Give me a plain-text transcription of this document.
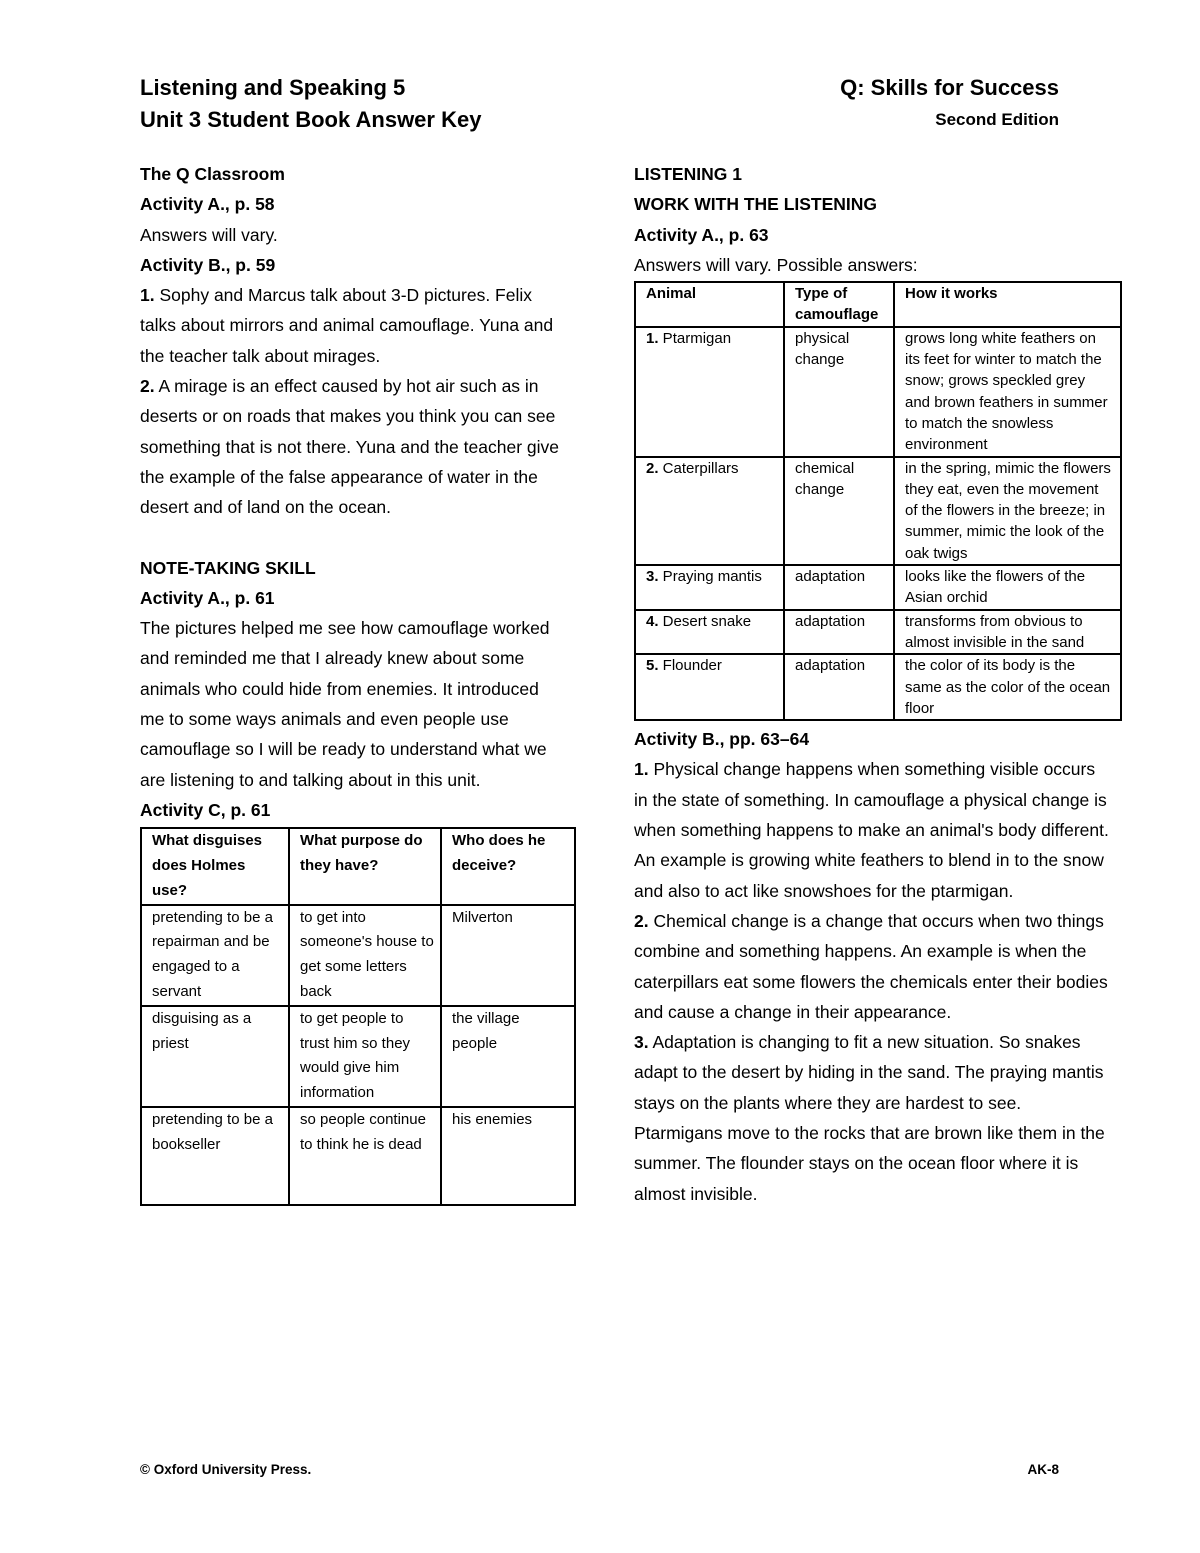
Listening and Speaking 5
Unit 3 Student Book Answer Key
Q: Skills for Success
Second Edition

The Q Classroom

Activity A., p. 58

Answers will vary.

Activity B., p. 59

1. Sophy and Marcus talk about 3-D pictures. Felix talks about mirrors and animal camouflage. Yuna and the teacher talk about mirages.

2. A mirage is an effect caused by hot air such as in deserts or on roads that makes you think you can see something that is not there. Yuna and the teacher give the example of the false appearance of water in the desert and of land on the ocean.

NOTE-TAKING SKILL

Activity A., p. 61

The pictures helped me see how camouflage worked and reminded me that I already knew about some animals who could hide from enemies. It introduced me to some ways animals and even people use camouflage so I will be ready to understand what we are listening to and talking about in this unit.

Activity C, p. 61

What disguises does Holmes use?	What purpose do they have?	Who does he deceive?
pretending to be a repairman and be engaged to a servant	to get into someone's house to get some letters back	Milverton
disguising as a priest	to get people to trust him so they would give him information	the village people
pretending to be a bookseller	so people continue to think he is dead	his enemies

LISTENING 1

WORK WITH THE LISTENING

Activity A., p. 63

Answers will vary. Possible answers:

Animal	Type of camouflage	How it works
1. Ptarmigan	physical change	grows long white feathers on its feet for winter to match the snow; grows speckled grey and brown feathers in summer to match the snowless environment
2. Caterpillars	chemical change	in the spring, mimic the flowers they eat, even the movement of the flowers in the breeze; in summer, mimic the look of the oak twigs
3. Praying mantis	adaptation	looks like the flowers of the Asian orchid
4. Desert snake	adaptation	transforms from obvious to almost invisible in the sand
5. Flounder	adaptation	the color of its body is the same as the color of the ocean floor

Activity B., pp. 63–64

1. Physical change happens when something visible occurs in the state of something. In camouflage a physical change is when something happens to make an animal's body different. An example is growing white feathers to blend in to the snow and also to act like snowshoes for the ptarmigan.

2. Chemical change is a change that occurs when two things combine and something happens. An example is when the caterpillars eat some flowers the chemicals enter their bodies and cause a change in their appearance.

3. Adaptation is changing to fit a new situation. So snakes adapt to the desert by hiding in the sand. The praying mantis stays on the plants where they are hardest to see. Ptarmigans move to the rocks that are brown like them in the summer. The flounder stays on the ocean floor where it is almost invisible.

© Oxford University Press.	AK-8
